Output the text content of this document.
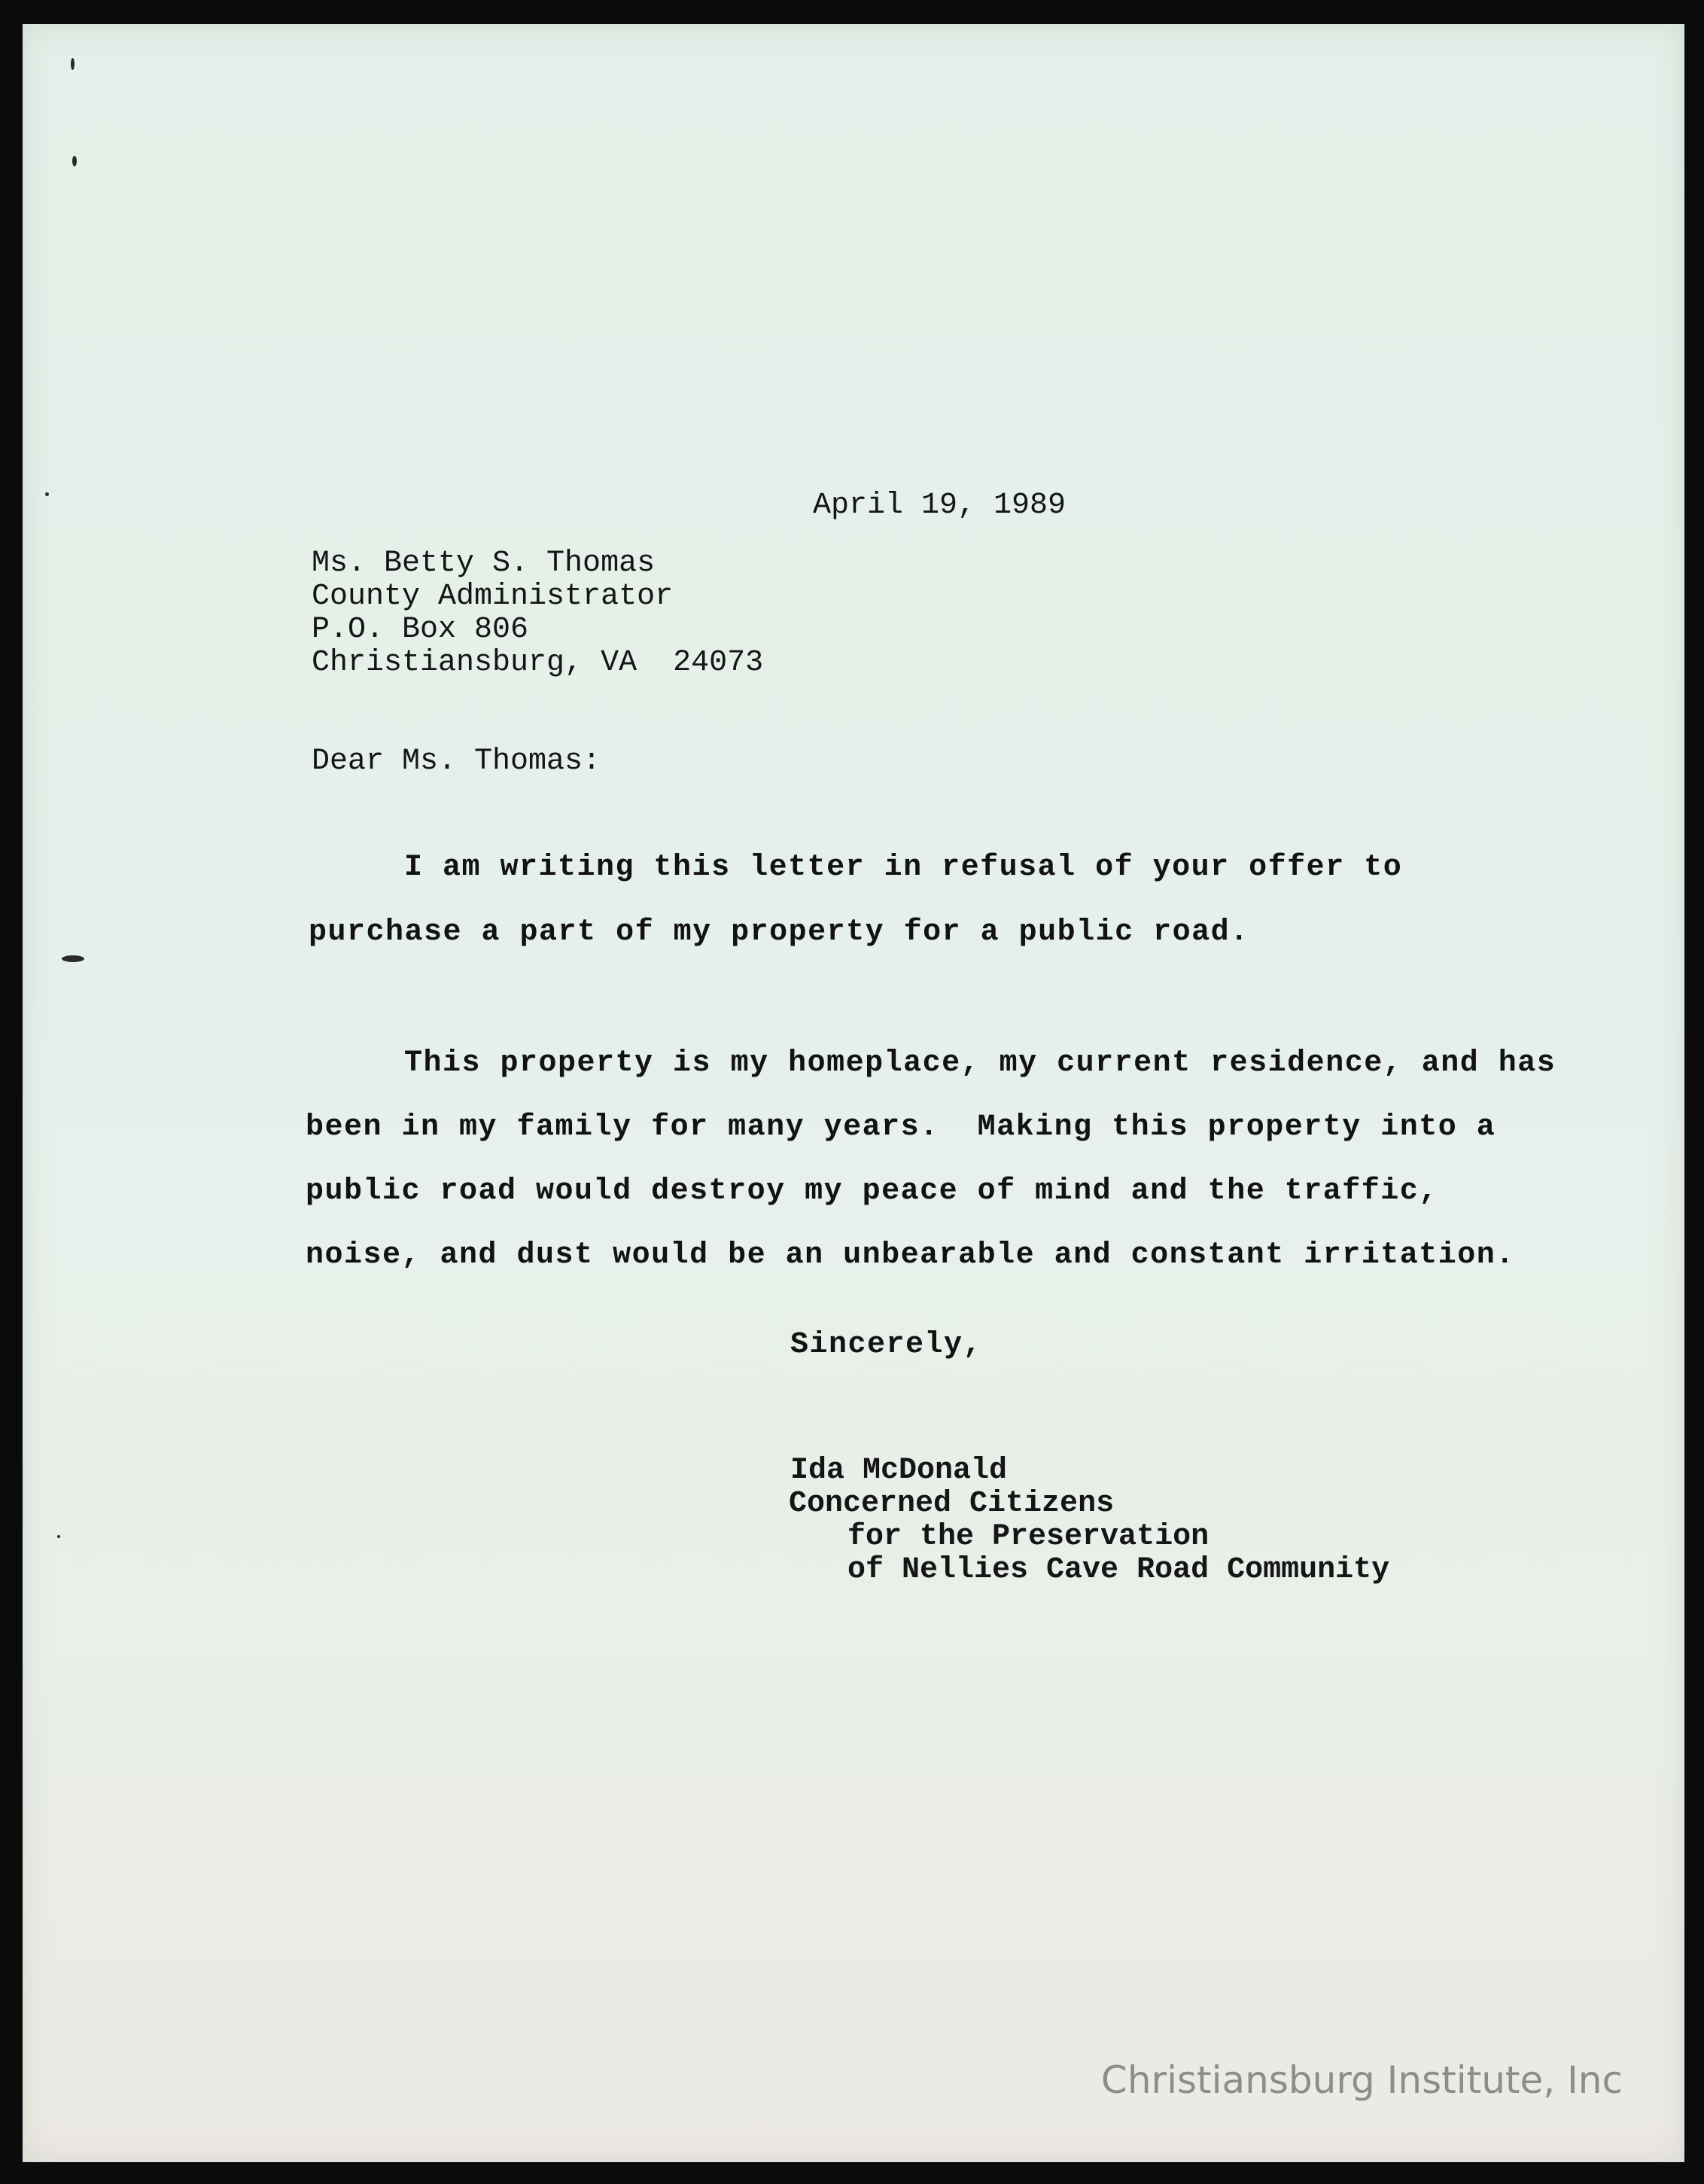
April 19, 1989

Ms. Betty S. Thomas

County Administrator

P.O. Box 806

Christiansburg, VA  24073

Dear Ms. Thomas:

I am writing this letter in refusal of your offer to

purchase a part of my property for a public road.

This property is my homeplace, my current residence, and has

been in my family for many years.  Making this property into a

public road would destroy my peace of mind and the traffic,

noise, and dust would be an unbearable and constant irritation.

Sincerely,

Ida McDonald

Concerned Citizens

for the Preservation

of Nellies Cave Road Community

Christiansburg Institute, Inc
